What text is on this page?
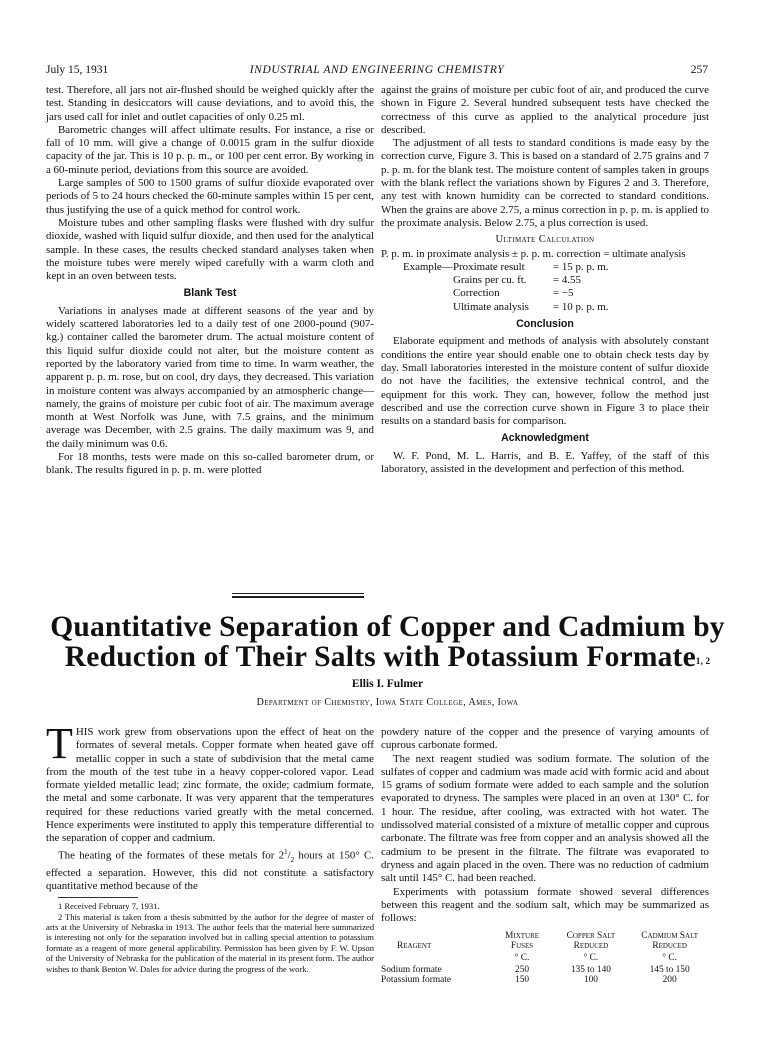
July 15, 1931	INDUSTRIAL AND ENGINEERING CHEMISTRY	257

test. Therefore, all jars not air-flushed should be weighed quickly after the test. Standing in desiccators will cause deviations, and to avoid this, the jars used call for inlet and outlet capacities of only 0.25 ml.

Barometric changes will affect ultimate results. For instance, a rise or fall of 10 mm. will give a change of 0.0015 gram in the sulfur dioxide capacity of the jar. This is 10 p. p. m., or 100 per cent error. By working in a 60-minute period, deviations from this source are avoided.

Large samples of 500 to 1500 grams of sulfur dioxide evaporated over periods of 5 to 24 hours checked the 60-minute samples within 15 per cent, thus justifying the use of a quick method for control work.

Moisture tubes and other sampling flasks were flushed with dry sulfur dioxide, washed with liquid sulfur dioxide, and then used for the analytical sample. In these cases, the results checked standard analyses taken when the moisture tubes were merely wiped carefully with a warm cloth and kept in an oven between tests.

Blank Test

Variations in analyses made at different seasons of the year and by widely scattered laboratories led to a daily test of one 2000-pound (907-kg.) container called the barometer drum. The actual moisture content of this liquid sulfur dioxide could not alter, but the moisture content as reported by the laboratory varied from time to time. In warm weather, the apparent p. p. m. rose, but on cool, dry days, they decreased. This variation in moisture content was always accompanied by an atmospheric change—namely, the grains of moisture per cubic foot of air. The maximum average month at West Norfolk was June, with 7.5 grains, and the minimum average was December, with 2.5 grains. The daily maximum was 9, and the daily minimum was 0.6.

For 18 months, tests were made on this so-called barometer drum, or blank. The results figured in p. p. m. were plotted

against the grains of moisture per cubic foot of air, and produced the curve shown in Figure 2. Several hundred subsequent tests have checked the correctness of this curve as applied to the analytical procedure just described.

The adjustment of all tests to standard conditions is made easy by the correction curve, Figure 3. This is based on a standard of 2.75 grains and 7 p. p. m. for the blank test. The moisture content of samples taken in groups with the blank reflect the variations shown by Figures 2 and 3. Therefore, any test with known humidity can be corrected to standard conditions. When the grains are above 2.75, a minus correction in p. p. m. is applied to the proximate analysis. Below 2.75, a plus correction is used.

Ultimate Calculation

P. p. m. in proximate analysis ± p. p. m. correction = ultimate analysis

Example— Proximate result	= 15 p. p. m.
Grains per cu. ft. = 4.55
Correction	= −5
Ultimate analysis = 10 p. p. m.
Conclusion

Elaborate equipment and methods of analysis with absolutely constant conditions the entire year should enable one to obtain check tests day by day. Small laboratories interested in the moisture content of sulfur dioxide do not have the facilities, the extensive technical control, and the equipment for this work. They can, however, follow the method just described and use the correction curve shown in Figure 3 to place their results on a standard basis for comparison.

Acknowledgment

W. F. Pond, M. L. Harris, and B. E. Yaffey, of the staff of this laboratory, assisted in the development and perfection of this method.

Quantitative Separation of Copper and Cadmium by
Reduction of Their Salts with Potassium Formate$^{1, 2}$
Ellis I. Fulmer
Department of Chemistry, Iowa State College, Ames, Iowa

THIS work grew from observations upon the effect of heat on the formates of several metals. Copper formate when heated gave off metallic copper in such a state of subdivision that the metal came from the mouth of the test tube in a heavy copper-colored vapor. Lead formate yielded metallic lead; zinc formate, the oxide; cadmium formate, the metal and some carbonate. It was very apparent that the temperatures required for these reductions varied greatly with the metal concerned. Hence experiments were instituted to apply this temperature differential to the separation of copper and cadmium.

The heating of the formates of these metals for $2^1/_2$ hours at 150° C. effected a separation. However, this did not constitute a satisfactory quantitative method because of the

1 Received February 7, 1931.

2 This material is taken from a thesis submitted by the author for the degree of master of arts at the University of Nebraska in 1913. The author feels that the material here summarized is interesting not only for the separation involved but in calling special attention to potassium formate as a reagent of more general applicability. Permission has been given by F. W. Upson of the University of Nebraska for the publication of the material in its present form. The author wishes to thank Benton W. Dales for advice during the progress of the work.

powdery nature of the copper and the presence of varying amounts of cuprous carbonate formed.

The next reagent studied was sodium formate. The solution of the sulfates of copper and cadmium was made acid with formic acid and about 15 grams of sodium formate were added to each sample and the solution evaporated to dryness. The samples were placed in an oven at 130° C. for 1 hour. The residue, after cooling, was extracted with hot water. The undissolved material consisted of a mixture of metallic copper and cuprous carbonate. The filtrate was free from copper and an analysis showed all the cadmium to be present in the filtrate. The filtrate was evaporated to dryness and again placed in the oven. There was no reduction of cadmium salt until 145° C. had been reached.

Experiments with potassium formate showed several differences between this reagent and the sodium salt, which may be summarized as follows:

Reagent	Mixture Fuses	Copper Salt Reduced	Cadmium Salt Reduced
	° C.	° C.	° C.
Sodium formate	250	135 to 140	145 to 150
Potassium formate	150	100	200
